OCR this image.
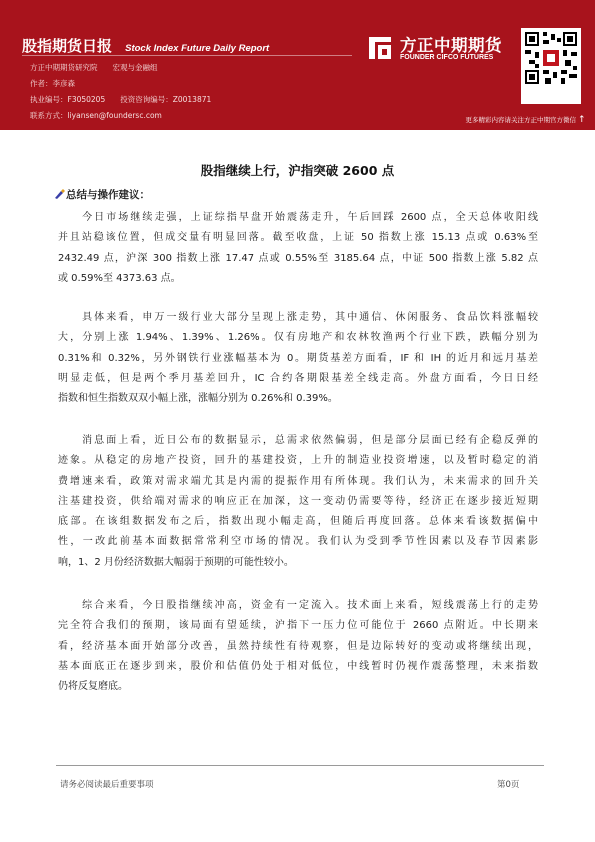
股指期货日报 Stock Index Future Daily Report
方正中期期货研究院　　宏观与金融组
作者：李彦森
执业编号：F3050205　　投资咨询编号：Z0013871
联系方式：liyansen@foundersc.com
方正中期期货
FOUNDER CIFCO FUTURES
更多精彩内容请关注方正中期官方微信 ↑
股指继续上行，沪指突破 2600 点
总结与操作建议：
　　今日市场继续走强，上证综指早盘开始震荡走升，午后回踩 2600 点，全天总体收阳线
并且站稳该位置，但成交量有明显回落。截至收盘，上证 50 指数上涨 15.13 点或 0.63%至
2432.49 点，沪深 300 指数上涨 17.47 点或 0.55%至 3185.64 点，中证 500 指数上涨 5.82 点
或 0.59%至 4373.63 点。
　　具体来看，申万一级行业大部分呈现上涨走势，其中通信、休闲服务、食品饮料涨幅较
大，分别上涨 1.94%、1.39%、1.26%。仅有房地产和农林牧渔两个行业下跌，跌幅分别为
0.31%和 0.32%，另外钢铁行业涨幅基本为 0。期货基差方面看，IF 和 IH 的近月和远月基差
明显走低，但是两个季月基差回升，IC 合约各期限基差全线走高。外盘方面看，今日日经
指数和恒生指数双双小幅上涨，涨幅分别为 0.26%和 0.39%。
　　消息面上看，近日公布的数据显示，总需求依然偏弱，但是部分层面已经有企稳反弹的
迹象。从稳定的房地产投资，回升的基建投资，上升的制造业投资增速，以及暂时稳定的消
费增速来看，政策对需求端尤其是内需的提振作用有所体现。我们认为，未来需求的回升关
注基建投资，供给端对需求的响应正在加深，这一变动仍需要等待，经济正在逐步接近短期
底部。在该组数据发布之后，指数出现小幅走高，但随后再度回落。总体来看该数据偏中
性，一改此前基本面数据常常利空市场的情况。我们认为受到季节性因素以及春节因素影
响，1、2 月份经济数据大幅弱于预期的可能性较小。
　　综合来看，今日股指继续冲高，资金有一定流入。技术面上来看，短线震荡上行的走势
完全符合我们的预期，该局面有望延续，沪指下一压力位可能位于 2660 点附近。中长期来
看，经济基本面开始部分改善，虽然持续性有待观察，但是边际转好的变动或将继续出现，
基本面底正在逐步到来，股价和估值仍处于相对低位，中线暂时仍视作震荡整理，未来指数
仍将反复磨底。
请务必阅读最后重要事项	第0页
